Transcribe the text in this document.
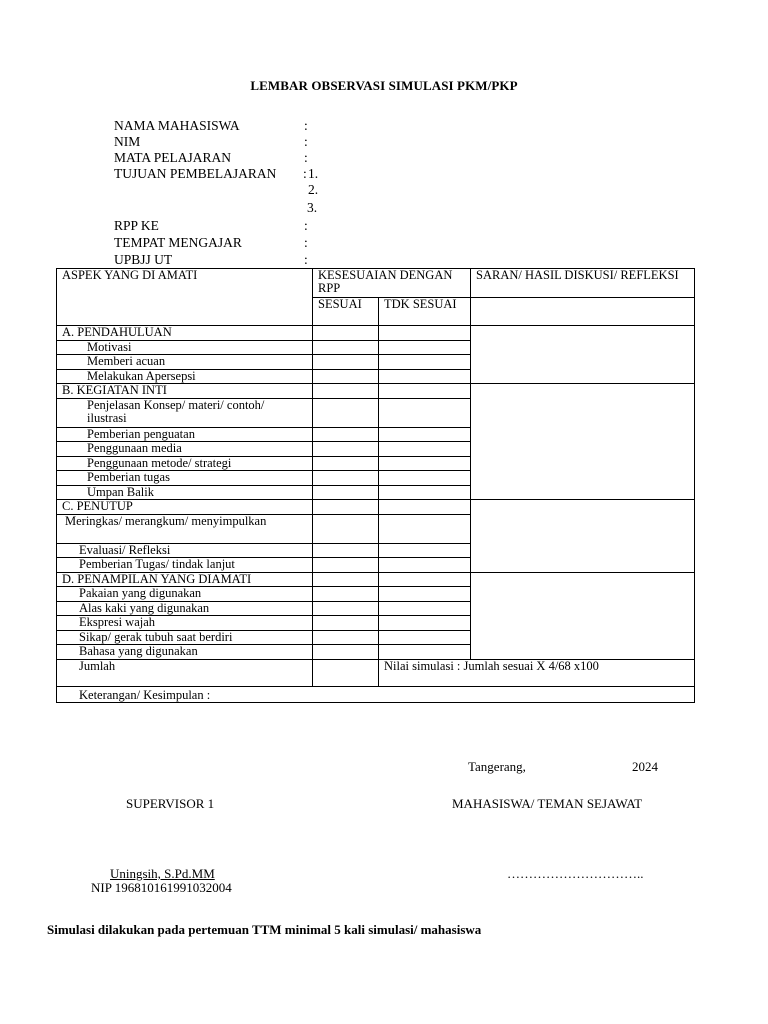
LEMBAR OBSERVASI SIMULASI PKM/PKP
NAMA MAHASISWA	:
NIM	:
MATA PELAJARAN	:
TUJUAN PEMBELAJARAN : 1.
2.
3.
RPP KE	:
TEMPAT MENGAJAR	:
UPBJJ UT	:
ASPEK YANG DI AMATI	KESESUAIAN DENGAN RPP		SARAN/ HASIL DISKUSI/ REFLEKSI
	SESUAI	TDK SESUAI	
A. PENDAHULUAN			
Motivasi			
Memberi acuan			
Melakukan Apersepsi			
B. KEGIATAN INTI			
Penjelasan Konsep/ materi/ contoh/ ilustrasi			
Pemberian penguatan			
Penggunaan media			
Penggunaan metode/ strategi			
Pemberian tugas			
Umpan Balik			
C. PENUTUP			
Meringkas/ merangkum/ menyimpulkan			
Evaluasi/ Refleksi			
Pemberian Tugas/ tindak lanjut			
D. PENAMPILAN YANG DIAMATI			
Pakaian yang digunakan			
Alas kaki yang digunakan			
Ekspresi wajah			
Sikap/ gerak tubuh saat berdiri			
Bahasa yang digunakan			
Jumlah		Nilai simulasi : Jumlah sesuai X 4/68 x100	
Keterangan/ Kesimpulan :			
Tangerang,	2024
SUPERVISOR 1	MAHASISWA/ TEMAN SEJAWAT
Uningsih, S.Pd.MM	…………………………..
NIP 196810161991032004
Simulasi dilakukan pada pertemuan TTM minimal 5 kali simulasi/ mahasiswa
